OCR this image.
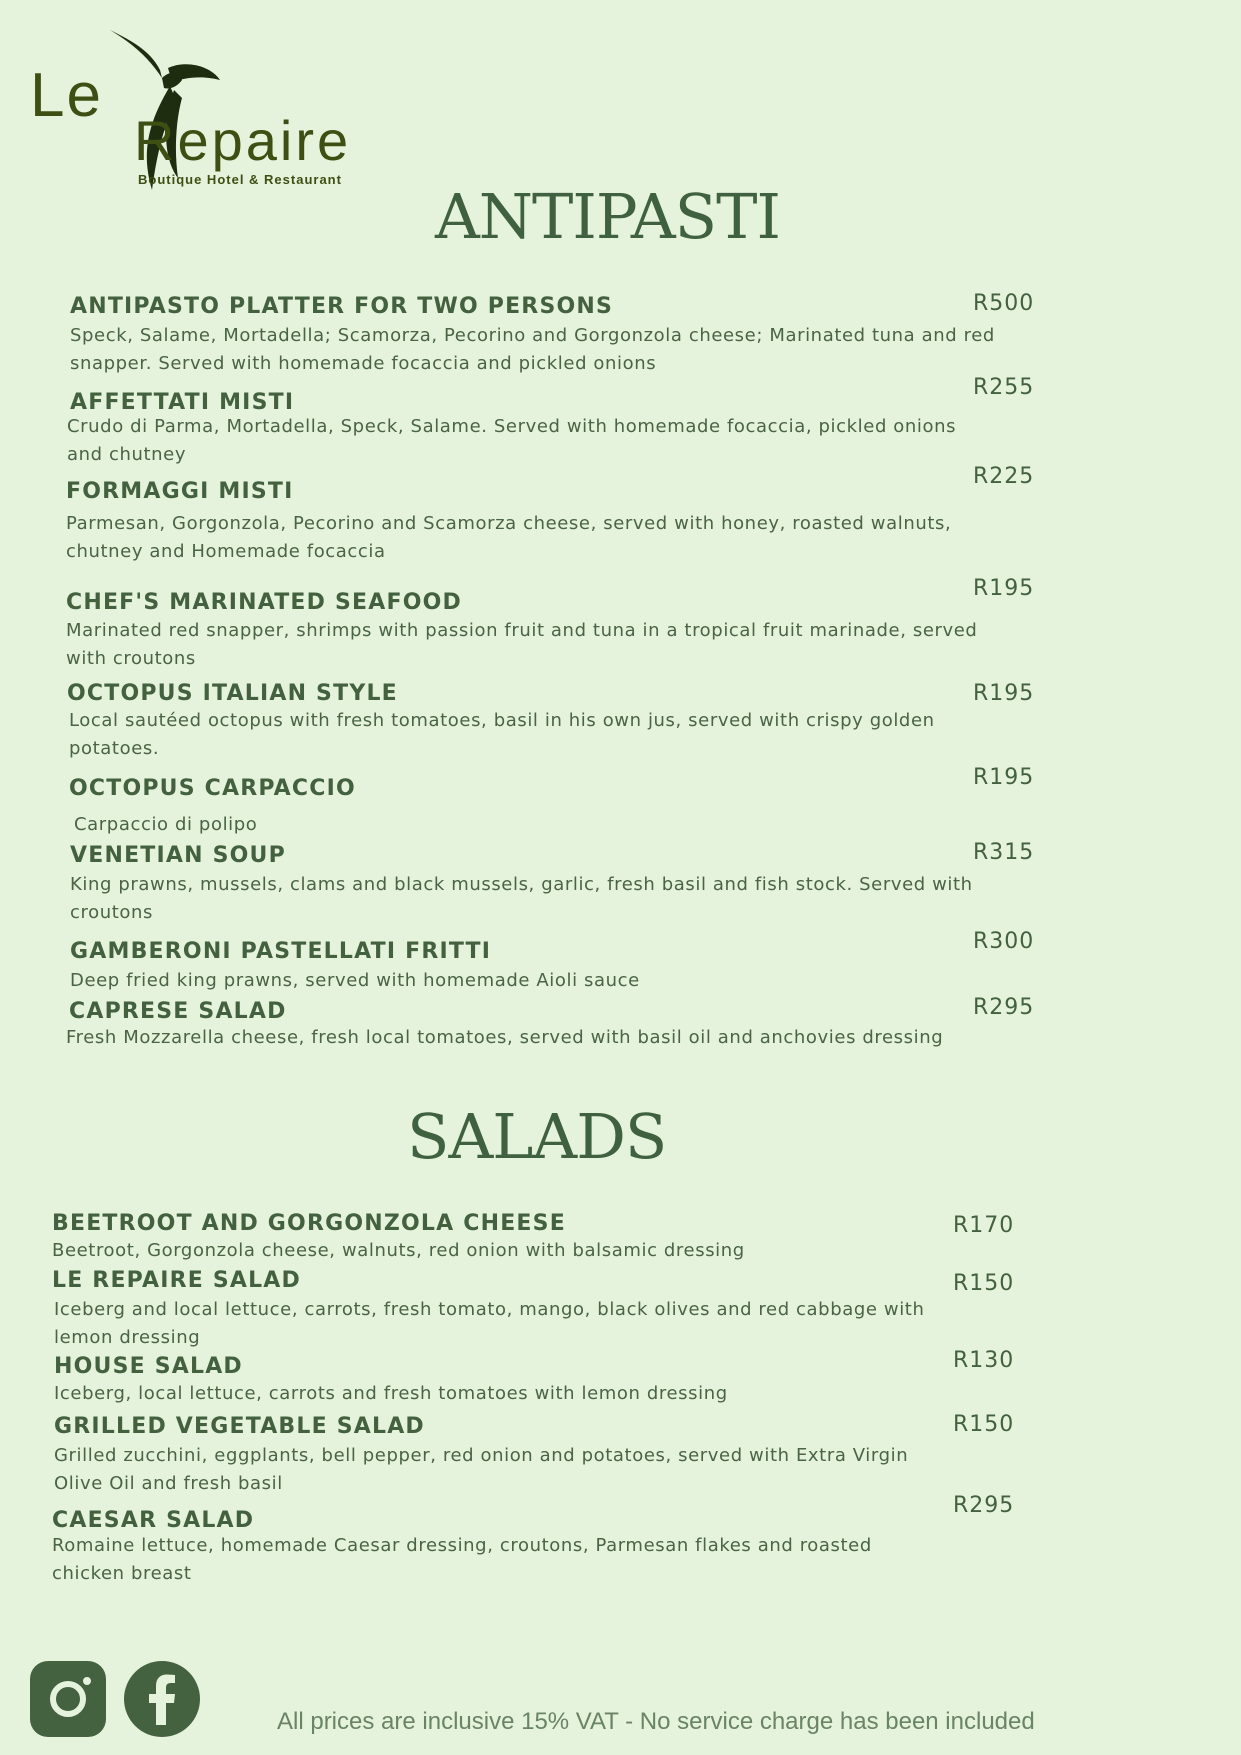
Le
Repaire
Boutique Hotel & Restaurant
ANTIPASTI
ANTIPASTO PLATTER FOR TWO PERSONS	R500
Speck, Salame, Mortadella; Scamorza, Pecorino and Gorgonzola cheese; Marinated tuna and red snapper. Served with homemade focaccia and pickled onions
AFFETTATI MISTI
R255
Crudo di Parma, Mortadella, Speck, Salame. Served with homemade focaccia, pickled onions and chutney
FORMAGGI MISTI
R225
Parmesan, Gorgonzola, Pecorino and Scamorza cheese, served with honey, roasted walnuts, chutney and Homemade focaccia
CHEF'S MARINATED SEAFOOD
R195
Marinated red snapper, shrimps with passion fruit and tuna in a tropical fruit marinade, served with croutons
OCTOPUS ITALIAN STYLE	R195
Local sautéed octopus with fresh tomatoes, basil in his own jus, served with crispy golden potatoes.
OCTOPUS CARPACCIO	R195
Carpaccio di polipo
VENETIAN SOUP	R315
King prawns, mussels, clams and black mussels, garlic, fresh basil and fish stock. Served with croutons
GAMBERONI PASTELLATI FRITTI	R300
Deep fried king prawns, served with homemade Aioli sauce
CAPRESE SALAD	R295
Fresh Mozzarella cheese, fresh local tomatoes, served with basil oil and anchovies dressing
SALADS
BEETROOT AND GORGONZOLA CHEESE	R170
Beetroot, Gorgonzola cheese, walnuts, red onion with balsamic dressing
LE REPAIRE SALAD	R150
Iceberg and local lettuce, carrots, fresh tomato, mango, black olives and red cabbage with lemon dressing
HOUSE SALAD	R130
Iceberg, local lettuce, carrots and fresh tomatoes with lemon dressing
GRILLED VEGETABLE SALAD	R150
Grilled zucchini, eggplants, bell pepper, red onion and potatoes, served with Extra Virgin Olive Oil and fresh basil
CAESAR SALAD
R295
Romaine lettuce, homemade Caesar dressing, croutons, Parmesan flakes and roasted chicken breast
All prices are inclusive 15% VAT - No service charge has been included
